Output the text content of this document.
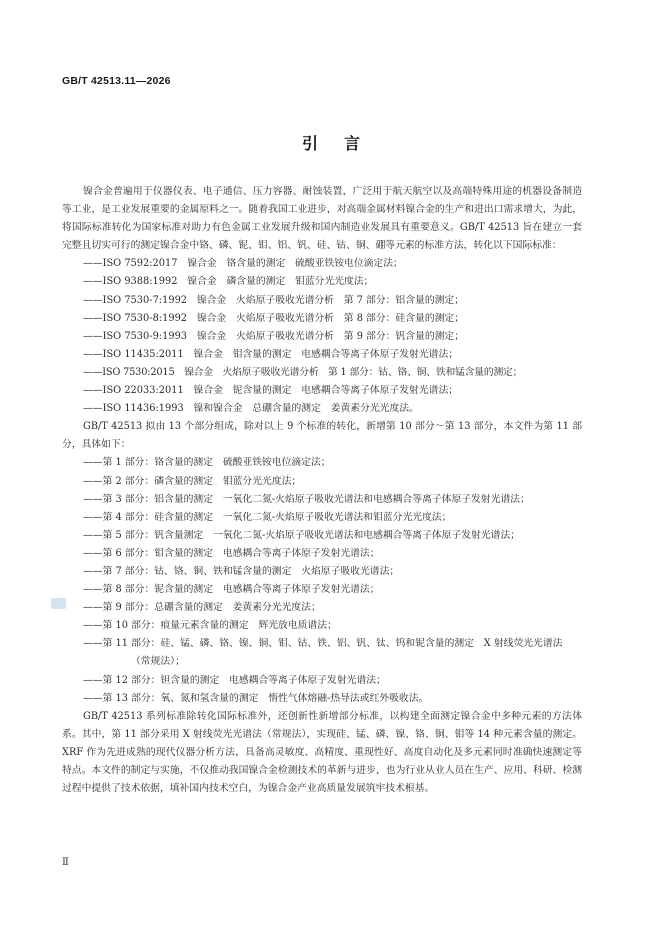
GB/T 42513.11—2026
引言

镍合金普遍用于仪器仪表、电子通信、压力容器、耐蚀装置，广泛用于航天航空以及高端特殊用途的机器设备制造等工业，是工业发展重要的金属原料之一。随着我国工业进步，对高端金属材料镍合金的生产和进出口需求增大，为此，将国际标准转化为国家标准对助力有色金属工业发展升级和国内制造业发展具有重要意义。GB/T 42513 旨在建立一套完整且切实可行的测定镍合金中铬、磷、铌、钼、铝、钒、硅、钴、铜、硼等元素的标准方法，转化以下国际标准：

——ISO 7592:2017　镍合金　铬含量的测定　硫酸亚铁铵电位滴定法；

——ISO 9388:1992　镍合金　磷含量的测定　钼蓝分光光度法；

——ISO 7530-7:1992　镍合金　火焰原子吸收光谱分析　第 7 部分：铝含量的测定；

——ISO 7530-8:1992　镍合金　火焰原子吸收光谱分析　第 8 部分：硅含量的测定；

——ISO 7530-9:1993　镍合金　火焰原子吸收光谱分析　第 9 部分：钒含量的测定；

——ISO 11435:2011　镍合金　钼含量的测定　电感耦合等离子体原子发射光谱法；

——ISO 7530:2015　镍合金　火焰原子吸收光谱分析　第 1 部分：钴、铬、铜、铁和锰含量的测定；

——ISO 22033:2011　镍合金　铌含量的测定　电感耦合等离子体原子发射光谱法；

——ISO 11436:1993　镍和镍合金　总硼含量的测定　姜黄素分光光度法。

GB/T 42513 拟由 13 个部分组成，除对以上 9 个标准的转化，新增第 10 部分～第 13 部分，本文件为第 11 部分，具体如下：

——第 1 部分：铬含量的测定　硫酸亚铁铵电位滴定法；

——第 2 部分：磷含量的测定　钼蓝分光光度法；

——第 3 部分：铝含量的测定　一氧化二氮-火焰原子吸收光谱法和电感耦合等离子体原子发射光谱法；

——第 4 部分：硅含量的测定　一氧化二氮-火焰原子吸收光谱法和钼蓝分光光度法；

——第 5 部分：钒含量测定　一氧化二氮-火焰原子吸收光谱法和电感耦合等离子体原子发射光谱法；

——第 6 部分：钼含量的测定　电感耦合等离子体原子发射光谱法；

——第 7 部分：钴、铬、铜、铁和锰含量的测定　火焰原子吸收光谱法；

——第 8 部分：铌含量的测定　电感耦合等离子体原子发射光谱法；

——第 9 部分：总硼含量的测定　姜黄素分光光度法；

——第 10 部分：痕量元素含量的测定　辉光放电质谱法；

——第 11 部分：硅、锰、磷、铬、镍、铜、钼、钴、铁、铝、钒、钛、钨和铌含量的测定　X 射线荧光光谱法（常规法）；

——第 12 部分：钽含量的测定　电感耦合等离子体原子发射光谱法；

——第 13 部分：氧、氮和氢含量的测定　惰性气体熔融-热导法或红外吸收法。

GB/T 42513 系列标准除转化国际标准外，还创新性新增部分标准，以构建全面测定镍合金中多种元素的方法体系。其中，第 11 部分采用 X 射线荧光光谱法（常规法），实现硅、锰、磷、镍、铬、铜、钼等 14 种元素含量的测定。XRF 作为先进成熟的现代仪器分析方法，具备高灵敏度、高精度、重现性好、高度自动化及多元素同时准确快速测定等特点。本文件的制定与实施，不仅推动我国镍合金检测技术的革新与进步，也为行业从业人员在生产、应用、科研、检测过程中提供了技术依据，填补国内技术空白，为镍合金产业高质量发展筑牢技术根基。

Ⅱ
